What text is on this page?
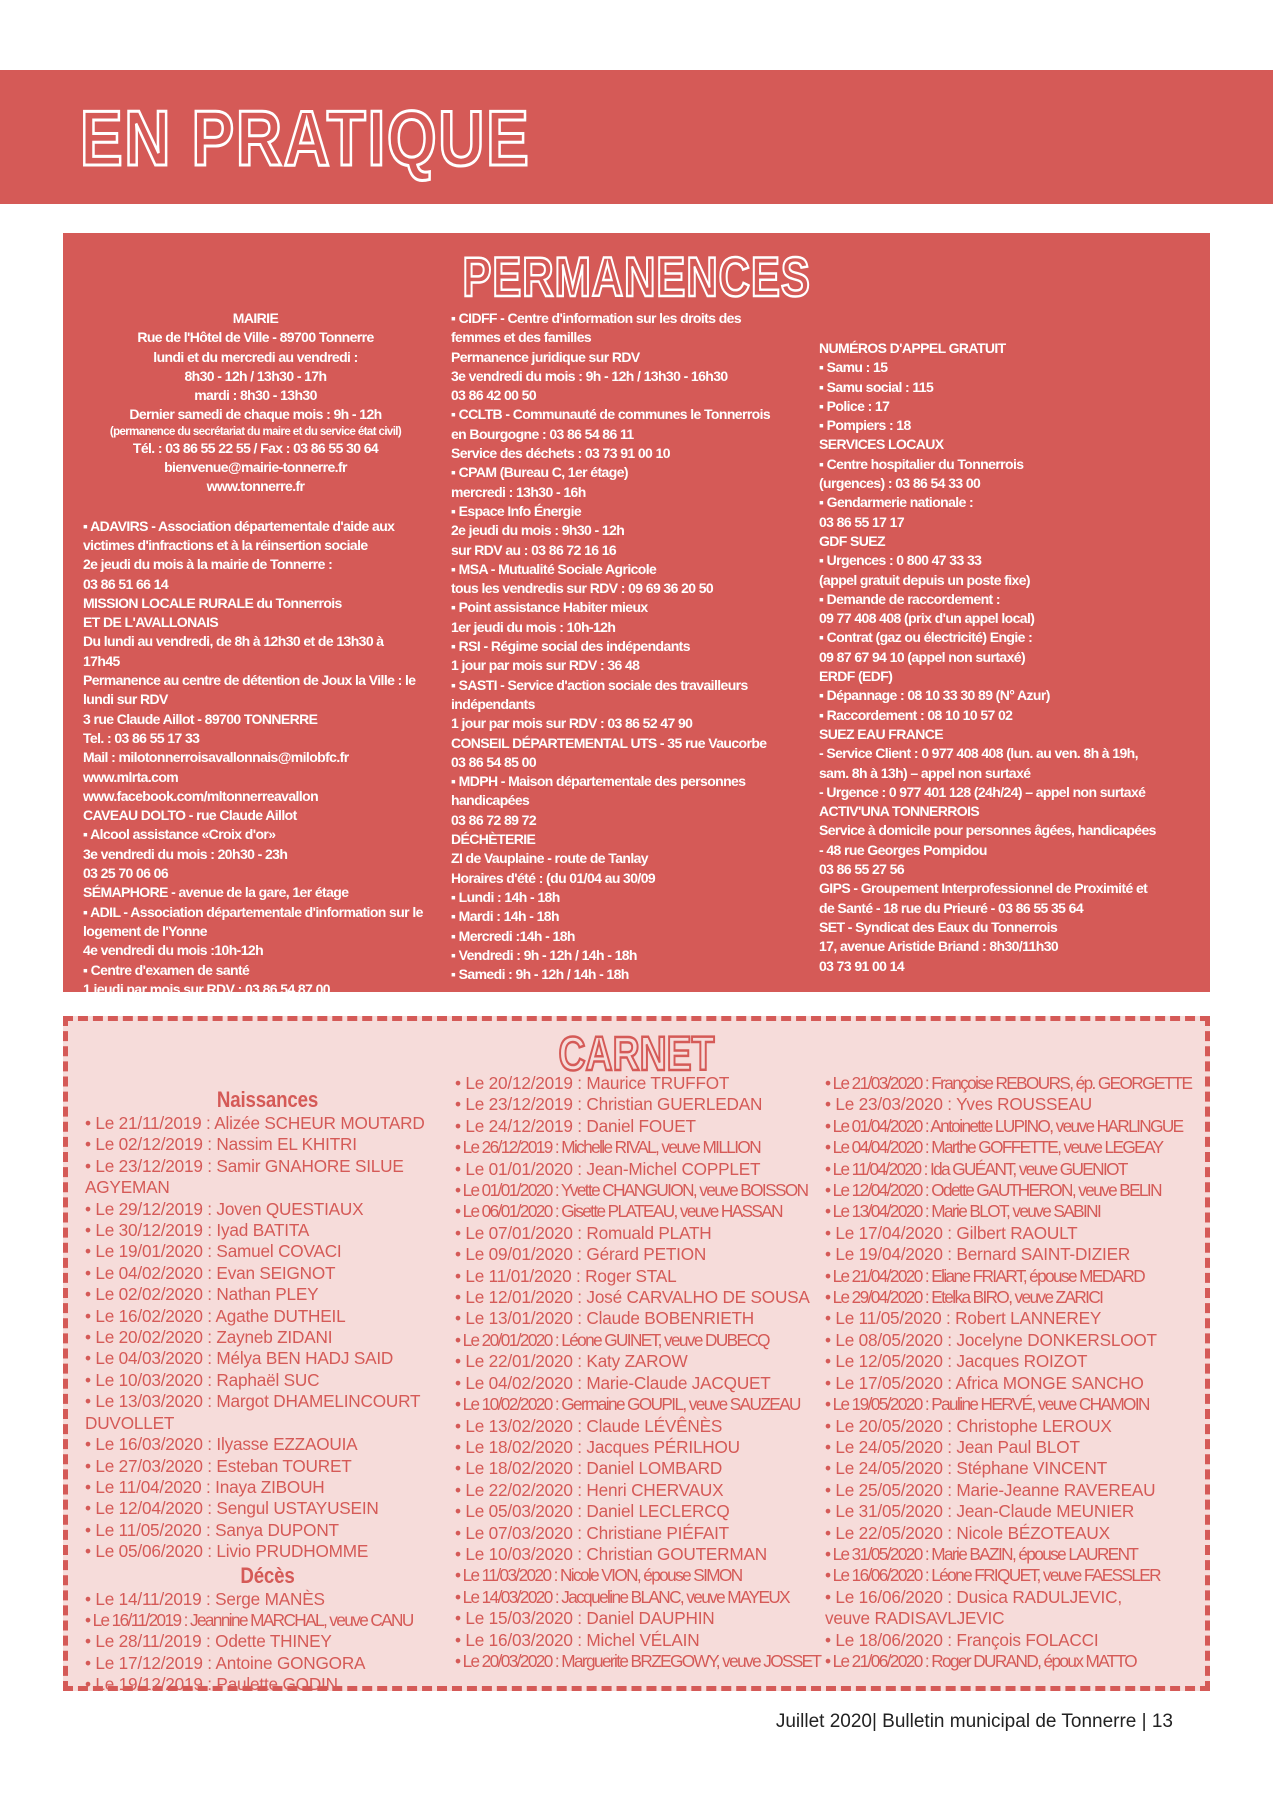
EN PRATIQUE
PERMANENCES
MAIRIE
Rue de l'Hôtel de Ville - 89700 Tonnerre
lundi et du mercredi au vendredi :
8h30 - 12h / 13h30 - 17h
mardi : 8h30 - 13h30
Dernier samedi de chaque mois : 9h - 12h
(permanence du secrétariat du maire et du service état civil)
Tél. : 03 86 55 22 55 / Fax : 03 86 55 30 64
bienvenue@mairie-tonnerre.fr
www.tonnerre.fr
▪ ADAVIRS - Association départementale d'aide aux
victimes d'infractions et à la réinsertion sociale
2e jeudi du mois à la mairie de Tonnerre :
03 86 51 66 14
MISSION LOCALE RURALE du Tonnerrois
ET DE L'AVALLONAIS
Du lundi au vendredi, de 8h à 12h30 et de 13h30 à
17h45
Permanence au centre de détention de Joux la Ville : le
lundi sur RDV
3 rue Claude Aillot - 89700 TONNERRE
Tel. : 03 86 55 17 33
Mail : milotonnerroisavallonnais@milobfc.fr
www.mlrta.com
www.facebook.com/mltonnerreavallon
CAVEAU DOLTO - rue Claude Aillot
▪ Alcool assistance «Croix d'or»
3e vendredi du mois : 20h30 - 23h
03 25 70 06 06
SÉMAPHORE - avenue de la gare, 1er étage
▪ ADIL - Association départementale d'information sur le
logement de l'Yonne
4e vendredi du mois :10h-12h
▪ Centre d'examen de santé
1 jeudi par mois sur RDV : 03 86 54 87 00
▪ CIDFF - Centre d'information sur les droits des
femmes et des familles
Permanence juridique sur RDV
3e vendredi du mois : 9h - 12h / 13h30 - 16h30
03 86 42 00 50
▪ CCLTB - Communauté de communes le Tonnerrois
en Bourgogne : 03 86 54 86 11
Service des déchets : 03 73 91 00 10
▪ CPAM (Bureau C, 1er étage)
mercredi : 13h30 - 16h
▪ Espace Info Énergie
2e jeudi du mois : 9h30 - 12h
sur RDV au : 03 86 72 16 16
▪ MSA - Mutualité Sociale Agricole
tous les vendredis sur RDV : 09 69 36 20 50
▪ Point assistance Habiter mieux
1er jeudi du mois : 10h-12h
▪ RSI - Régime social des indépendants
1 jour par mois sur RDV : 36 48
▪ SASTI - Service d'action sociale des travailleurs
indépendants
1 jour par mois sur RDV : 03 86 52 47 90
CONSEIL DÉPARTEMENTAL UTS - 35 rue Vaucorbe
03 86 54 85 00
▪ MDPH - Maison départementale des personnes
handicapées
03 86 72 89 72
DÉCHÈTERIE
ZI de Vauplaine - route de Tanlay
Horaires d'été : (du 01/04 au 30/09
▪ Lundi : 14h - 18h
▪ Mardi : 14h - 18h
▪ Mercredi :14h - 18h
▪ Vendredi : 9h - 12h / 14h - 18h
▪ Samedi : 9h - 12h / 14h - 18h
NUMÉROS D'APPEL GRATUIT
▪ Samu : 15
▪ Samu social : 115
▪ Police : 17
▪ Pompiers : 18
SERVICES LOCAUX
▪ Centre hospitalier du Tonnerrois
(urgences) : 03 86 54 33 00
▪ Gendarmerie nationale :
03 86 55 17 17
GDF SUEZ
▪ Urgences : 0 800 47 33 33
(appel gratuit depuis un poste fixe)
▪ Demande de raccordement :
09 77 408 408 (prix d'un appel local)
▪ Contrat (gaz ou électricité) Engie :
09 87 67 94 10 (appel non surtaxé)
ERDF (EDF)
▪ Dépannage : 08 10 33 30 89 (N° Azur)
▪ Raccordement : 08 10 10 57 02
SUEZ EAU FRANCE
- Service Client : 0 977 408 408 (lun. au ven. 8h à 19h,
sam. 8h à 13h) – appel non surtaxé
- Urgence : 0 977 401 128 (24h/24) – appel non surtaxé
ACTIV'UNA TONNERROIS
Service à domicile pour personnes âgées, handicapées
- 48 rue Georges Pompidou
03 86 55 27 56
GIPS - Groupement Interprofessionnel de Proximité et
de Santé - 18 rue du Prieuré - 03 86 55 35 64
SET - Syndicat des Eaux du Tonnerrois
17, avenue Aristide Briand : 8h30/11h30
03 73 91 00 14
CARNET
Naissances
• Le 21/11/2019 : Alizée SCHEUR MOUTARD
• Le 02/12/2019 : Nassim EL KHITRI
• Le 23/12/2019 : Samir GNAHORE SILUE
AGYEMAN
• Le 29/12/2019 : Joven QUESTIAUX
• Le 30/12/2019 : Iyad BATITA
• Le 19/01/2020 : Samuel COVACI
• Le 04/02/2020 : Evan SEIGNOT
• Le 02/02/2020 : Nathan PLEY
• Le 16/02/2020 : Agathe DUTHEIL
• Le 20/02/2020 : Zayneb ZIDANI
• Le 04/03/2020 : Mélya BEN HADJ SAID
• Le 10/03/2020 : Raphaël SUC
• Le 13/03/2020 : Margot DHAMELINCOURT
DUVOLLET
• Le 16/03/2020 : Ilyasse EZZAOUIA
• Le 27/03/2020 : Esteban TOURET
• Le 11/04/2020 : Inaya ZIBOUH
• Le 12/04/2020 : Sengul USTAYUSEIN
• Le 11/05/2020 : Sanya DUPONT
• Le 05/06/2020 : Livio PRUDHOMME
Décès
• Le 14/11/2019 : Serge MANÈS
• Le 16/11/2019 : Jeannine MARCHAL, veuve CANU
• Le 28/11/2019 : Odette THINEY
• Le 17/12/2019 : Antoine GONGORA
• Le 19/12/2019 : Paulette GODIN
• Le 20/12/2019 : Maurice TRUFFOT
• Le 23/12/2019 : Christian GUERLEDAN
• Le 24/12/2019 : Daniel FOUET
• Le 26/12/2019 : Michelle RIVAL, veuve MILLION
• Le 01/01/2020 : Jean-Michel COPPLET
• Le 01/01/2020 : Yvette CHANGUION, veuve BOISSON
• Le 06/01/2020 : Gisette PLATEAU, veuve HASSAN
• Le 07/01/2020 : Romuald PLATH
• Le 09/01/2020 : Gérard PETION
• Le 11/01/2020 : Roger STAL
• Le 12/01/2020 : José CARVALHO DE SOUSA
• Le 13/01/2020 : Claude BOBENRIETH
• Le 20/01/2020 : Léone GUINET, veuve DUBECQ
• Le 22/01/2020 : Katy ZAROW
• Le 04/02/2020 : Marie-Claude JACQUET
• Le 10/02/2020 : Germaine GOUPIL, veuve SAUZEAU
• Le 13/02/2020 : Claude LÉVÊNÈS
• Le 18/02/2020 : Jacques PÉRILHOU
• Le 18/02/2020 : Daniel LOMBARD
• Le 22/02/2020 : Henri CHERVAUX
• Le 05/03/2020 : Daniel LECLERCQ
• Le 07/03/2020 : Christiane PIÉFAIT
• Le 10/03/2020 : Christian GOUTERMAN
• Le 11/03/2020 : Nicole VION, épouse SIMON
• Le 14/03/2020 : Jacqueline BLANC, veuve MAYEUX
• Le 15/03/2020 : Daniel DAUPHIN
• Le 16/03/2020 : Michel VÉLAIN
• Le 20/03/2020 : Marguerite BRZEGOWY, veuve JOSSET
• Le 21/03/2020 : Françoise REBOURS, ép. GEORGETTE
• Le 23/03/2020 : Yves ROUSSEAU
• Le 01/04/2020 : Antoinette LUPINO, veuve HARLINGUE
• Le 04/04/2020 : Marthe GOFFETTE, veuve LEGEAY
• Le 11/04/2020 : Ida GUÉANT, veuve GUENIOT
• Le 12/04/2020 : Odette GAUTHERON, veuve BELIN
• Le 13/04/2020 : Marie BLOT, veuve SABINI
• Le 17/04/2020 : Gilbert RAOULT
• Le 19/04/2020 : Bernard SAINT-DIZIER
• Le 21/04/2020 : Eliane FRIART, épouse MEDARD
• Le 29/04/2020 : Etelka BIRO, veuve ZARICI
• Le 11/05/2020 : Robert LANNEREY
• Le 08/05/2020 : Jocelyne DONKERSLOOT
• Le 12/05/2020 : Jacques ROIZOT
• Le 17/05/2020 : Africa MONGE SANCHO
• Le 19/05/2020 : Pauline HERVÉ, veuve CHAMOIN
• Le 20/05/2020 : Christophe LEROUX
• Le 24/05/2020 : Jean Paul BLOT
• Le 24/05/2020 : Stéphane VINCENT
• Le 25/05/2020 : Marie-Jeanne RAVEREAU
• Le 31/05/2020 : Jean-Claude MEUNIER
• Le 22/05/2020 : Nicole BÉZOTEAUX
• Le 31/05/2020 : Marie BAZIN, épouse LAURENT
• Le 16/06/2020 : Léone FRIQUET, veuve FAESSLER
• Le 16/06/2020 : Dusica RADULJEVIC,
veuve RADISAVLJEVIC
• Le 18/06/2020 : François FOLACCI
• Le 21/06/2020 : Roger DURAND, époux MATTO
Juillet 2020| Bulletin municipal de Tonnerre | 13
